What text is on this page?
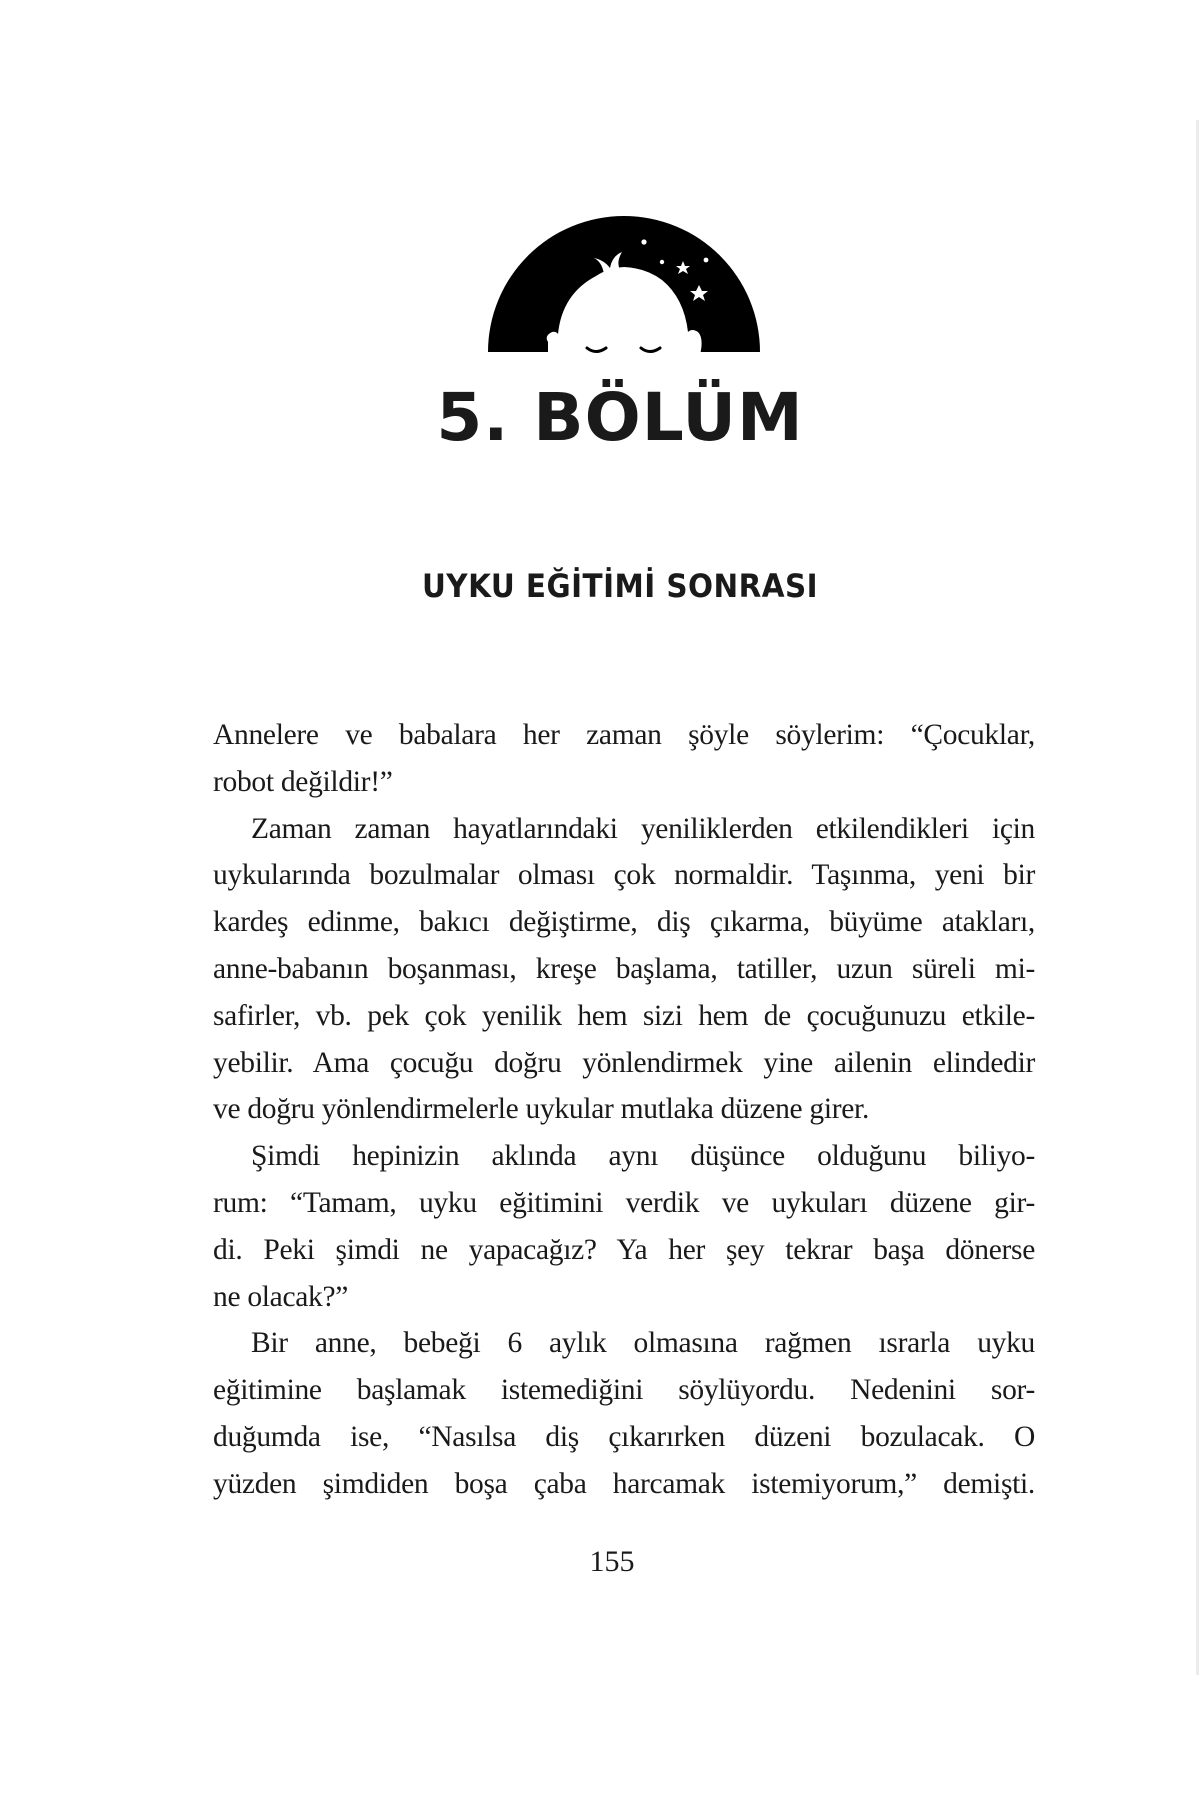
5. BÖLÜM
UYKU EĞİTİMİ SONRASI

Annelere ve babalara her zaman şöyle söylerim: “Çocuklar,
robot değildir!”

Zaman zaman hayatlarındaki yeniliklerden etkilendikleri için
uykularında bozulmalar olması çok normaldir. Taşınma, yeni bir
kardeş edinme, bakıcı değiştirme, diş çıkarma, büyüme atakları,
anne-babanın boşanması, kreşe başlama, tatiller, uzun süreli mi-
safirler, vb. pek çok yenilik hem sizi hem de çocuğunuzu etkile-
yebilir. Ama çocuğu doğru yönlendirmek yine ailenin elindedir
ve doğru yönlendirmelerle uykular mutlaka düzene girer.

Şimdi hepinizin aklında aynı düşünce olduğunu biliyo-
rum: “Tamam, uyku eğitimini verdik ve uykuları düzene gir-
di. Peki şimdi ne yapacağız? Ya her şey tekrar başa dönerse
ne olacak?”

Bir anne, bebeği 6 aylık olmasına rağmen ısrarla uyku
eğitimine başlamak istemediğini söylüyordu. Nedenini sor-
duğumda ise, “Nasılsa diş çıkarırken düzeni bozulacak. O
yüzden şimdiden boşa çaba harcamak istemiyorum,” demişti.

155
